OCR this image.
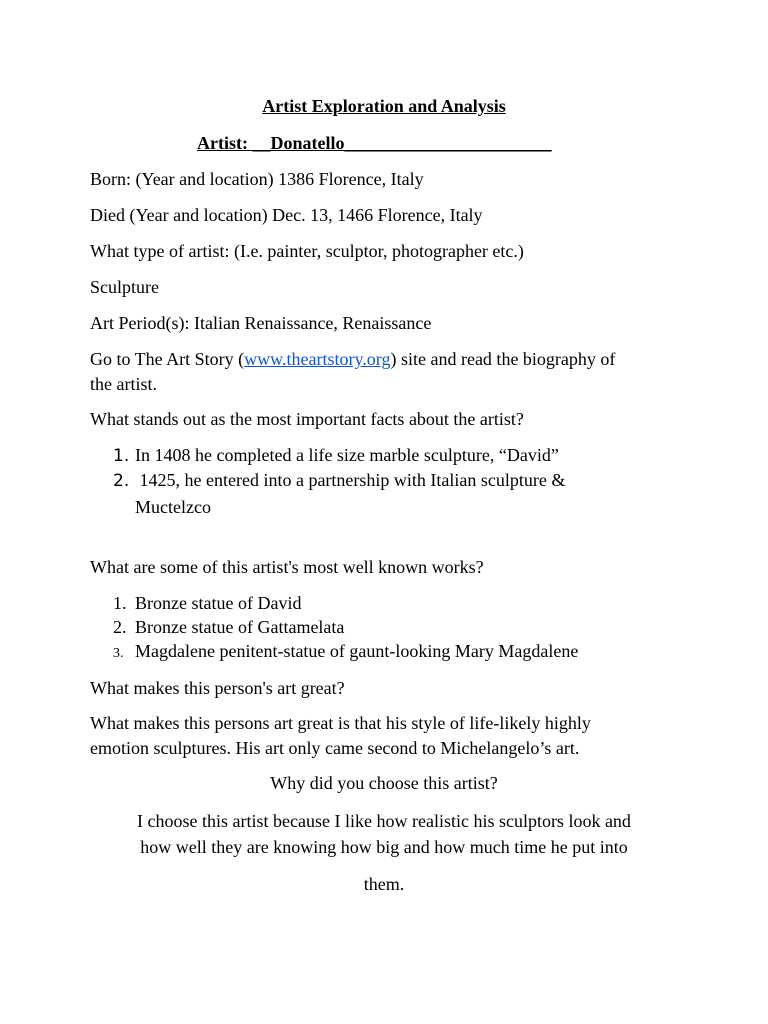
Artist Exploration and Analysis
Artist: __Donatello_______________________
Born: (Year and location) 1386 Florence, Italy
Died (Year and location) Dec. 13, 1466 Florence, Italy
What type of artist: (I.e. painter, sculptor, photographer etc.)
Sculpture
Art Period(s): Italian Renaissance, Renaissance
Go to The Art Story (www.theartstory.org) site and read the biography of
the artist.
What stands out as the most important facts about the artist?
1. In 1408 he completed a life size marble sculpture, “David”
2. 1425, he entered into a partnership with Italian sculpture &
Muctelzco
What are some of this artist's most well known works?
1. Bronze statue of David
2. Bronze statue of Gattamelata
3. Magdalene penitent-statue of gaunt-looking Mary Magdalene
What makes this person's art great?
What makes this persons art great is that his style of life-likely highly
emotion sculptures. His art only came second to Michelangelo’s art.
Why did you choose this artist?
I choose this artist because I like how realistic his sculptors look and
how well they are knowing how big and how much time he put into
them.
